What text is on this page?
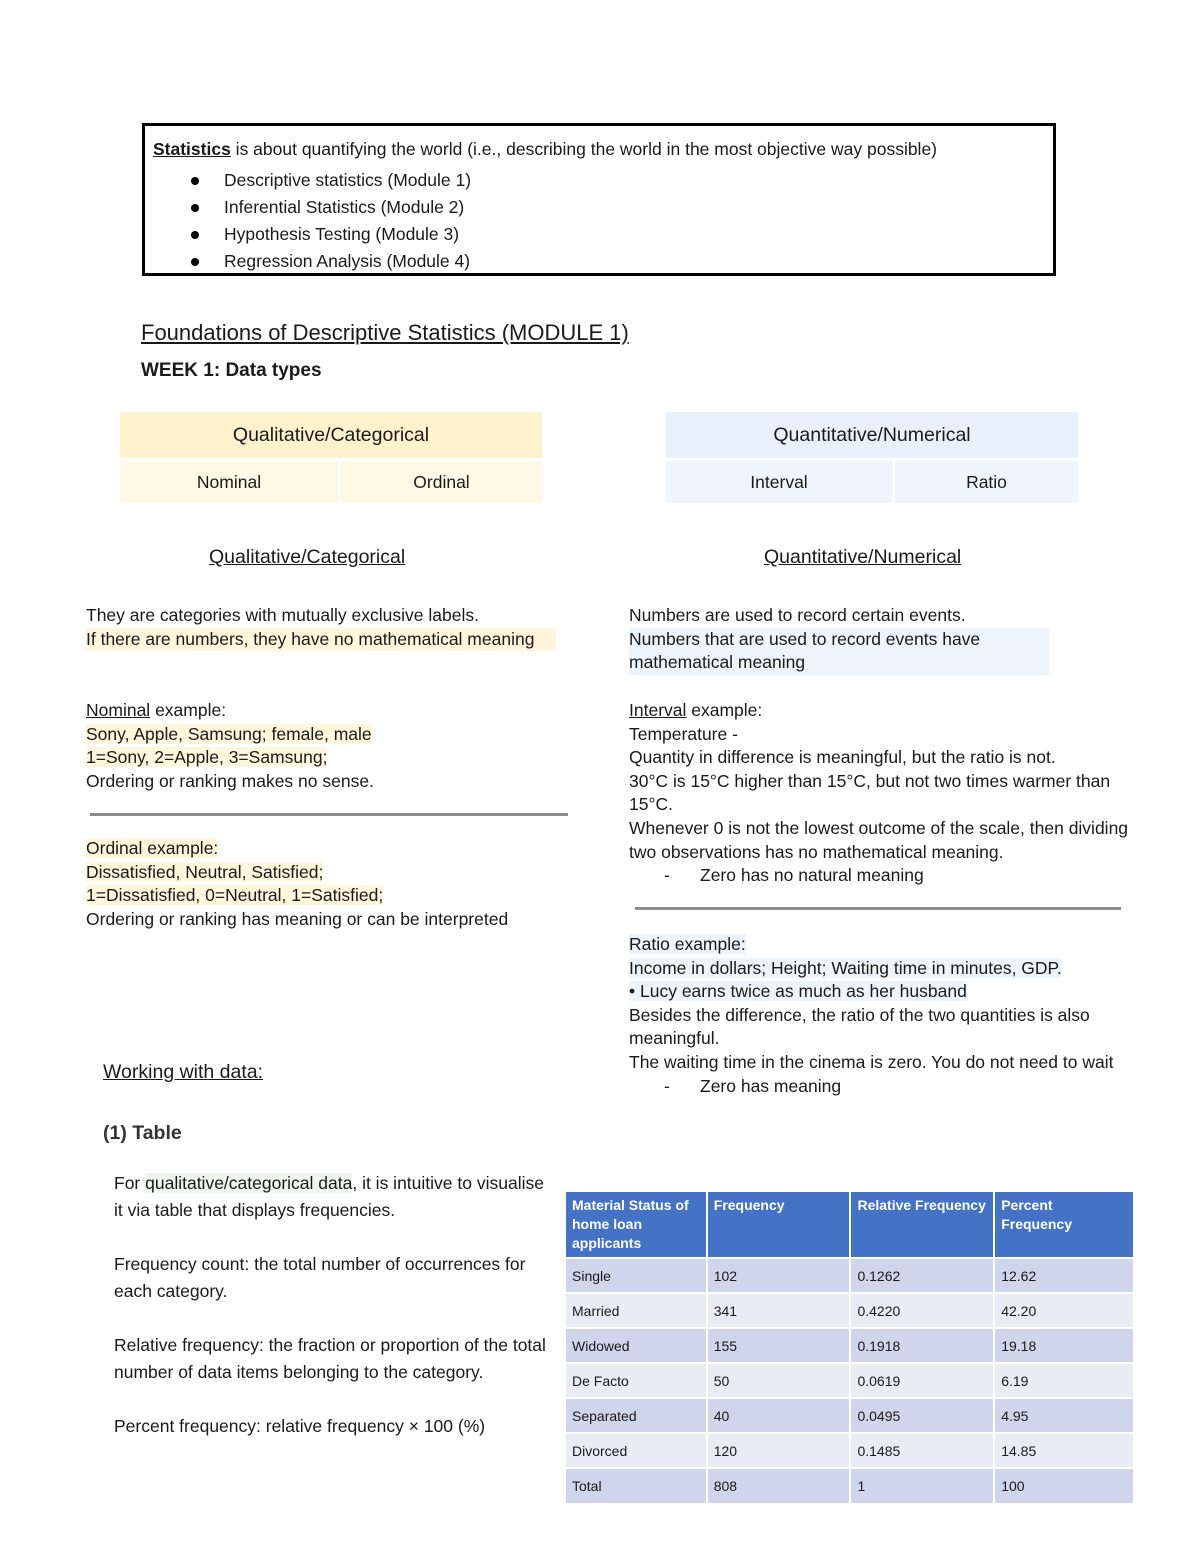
Statistics is about quantifying the world (i.e., describing the world in the most objective way possible)

Descriptive statistics (Module 1)
Inferential Statistics (Module 2)
Hypothesis Testing (Module 3)
Regression Analysis (Module 4)
Foundations of Descriptive Statistics (MODULE 1)
WEEK 1: Data types
Qualitative/Categorical
Nominal	Ordinal
Quantitative/Numerical
Interval	Ratio
Qualitative/Categorical	Quantitative/Numerical

They are categories with mutually exclusive labels.

If there are numbers, they have no mathematical meaning

Nominal example:

Sony, Apple, Samsung; female, male

1=Sony, 2=Apple, 3=Samsung;

Ordering or ranking makes no sense.

Ordinal example:

Dissatisfied, Neutral, Satisfied;

1=Dissatisfied, 0=Neutral, 1=Satisfied;

Ordering or ranking has meaning or can be interpreted

Numbers are used to record certain events.

Numbers that are used to record events have mathematical meaning

Interval example:

Temperature -

Quantity in difference is meaningful, but the ratio is not.

30°C is 15°C higher than 15°C, but not two times warmer than 15°C.

Whenever 0 is not the lowest outcome of the scale, then dividing two observations has no mathematical meaning.

- Zero has no natural meaning

Ratio example:

Income in dollars; Height; Waiting time in minutes, GDP.

• Lucy earns twice as much as her husband

Besides the difference, the ratio of the two quantities is also meaningful.

The waiting time in the cinema is zero. You do not need to wait

- Zero has meaning

Working with data:
(1) Table

For qualitative/categorical data, it is intuitive to visualise it via table that displays frequencies.

Frequency count: the total number of occurrences for each category.

Relative frequency: the fraction or proportion of the total number of data items belonging to the category.

Percent frequency: relative frequency × 100 (%)

Material Status of home loan applicants	Frequency	Relative Frequency	Percent Frequency
Single	102	0.1262	12.62
Married	341	0.4220	42.20
Widowed	155	0.1918	19.18
De Facto	50	0.0619	6.19
Separated	40	0.0495	4.95
Divorced	120	0.1485	14.85
Total	808	1	100
